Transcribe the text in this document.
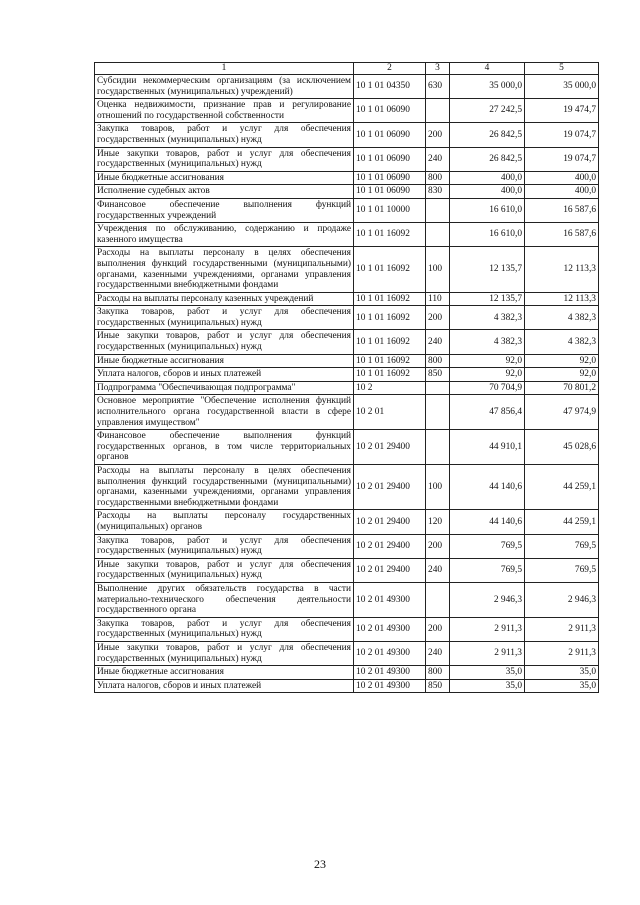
1	2	3	4	5
Субсидии некоммерческим организациям (за исключением государственных (муниципальных) учреждений)	10 1 01 04350	630	35 000,0	35 000,0
Оценка недвижимости, признание прав и регулирование отношений по государственной собственности	10 1 01 06090		27 242,5	19 474,7
Закупка товаров, работ и услуг для обеспечения государственных (муниципальных) нужд	10 1 01 06090	200	26 842,5	19 074,7
Иные закупки товаров, работ и услуг для обеспечения государственных (муниципальных) нужд	10 1 01 06090	240	26 842,5	19 074,7
Иные бюджетные ассигнования	10 1 01 06090	800	400,0	400,0
Исполнение судебных актов	10 1 01 06090	830	400,0	400,0
Финансовое обеспечение выполнения функций государственных учреждений	10 1 01 10000		16 610,0	16 587,6
Учреждения по обслуживанию, содержанию и продаже казенного имущества	10 1 01 16092		16 610,0	16 587,6
Расходы на выплаты персоналу в целях обеспечения выполнения функций государственными (муниципальными) органами, казенными учреждениями, органами управления государственными внебюджетными фондами	10 1 01 16092	100	12 135,7	12 113,3
Расходы на выплаты персоналу казенных учреждений	10 1 01 16092	110	12 135,7	12 113,3
Закупка товаров, работ и услуг для обеспечения государственных (муниципальных) нужд	10 1 01 16092	200	4 382,3	4 382,3
Иные закупки товаров, работ и услуг для обеспечения государственных (муниципальных) нужд	10 1 01 16092	240	4 382,3	4 382,3
Иные бюджетные ассигнования	10 1 01 16092	800	92,0	92,0
Уплата налогов, сборов и иных платежей	10 1 01 16092	850	92,0	92,0
Подпрограмма "Обеспечивающая подпрограмма"	10 2		70 704,9	70 801,2
Основное мероприятие "Обеспечение исполнения функций исполнительного органа государственной власти в сфере управления имуществом"	10 2 01		47 856,4	47 974,9
Финансовое обеспечение выполнения функций государственных органов, в том числе территориальных органов	10 2 01 29400		44 910,1	45 028,6
Расходы на выплаты персоналу в целях обеспечения выполнения функций государственными (муниципальными) органами, казенными учреждениями, органами управления государственными внебюджетными фондами	10 2 01 29400	100	44 140,6	44 259,1
Расходы на выплаты персоналу государственных (муниципальных) органов	10 2 01 29400	120	44 140,6	44 259,1
Закупка товаров, работ и услуг для обеспечения государственных (муниципальных) нужд	10 2 01 29400	200	769,5	769,5
Иные закупки товаров, работ и услуг для обеспечения государственных (муниципальных) нужд	10 2 01 29400	240	769,5	769,5
Выполнение других обязательств государства в части материально-технического обеспечения деятельности государственного органа	10 2 01 49300		2 946,3	2 946,3
Закупка товаров, работ и услуг для обеспечения государственных (муниципальных) нужд	10 2 01 49300	200	2 911,3	2 911,3
Иные закупки товаров, работ и услуг для обеспечения государственных (муниципальных) нужд	10 2 01 49300	240	2 911,3	2 911,3
Иные бюджетные ассигнования	10 2 01 49300	800	35,0	35,0
Уплата налогов, сборов и иных платежей	10 2 01 49300	850	35,0	35,0
23
